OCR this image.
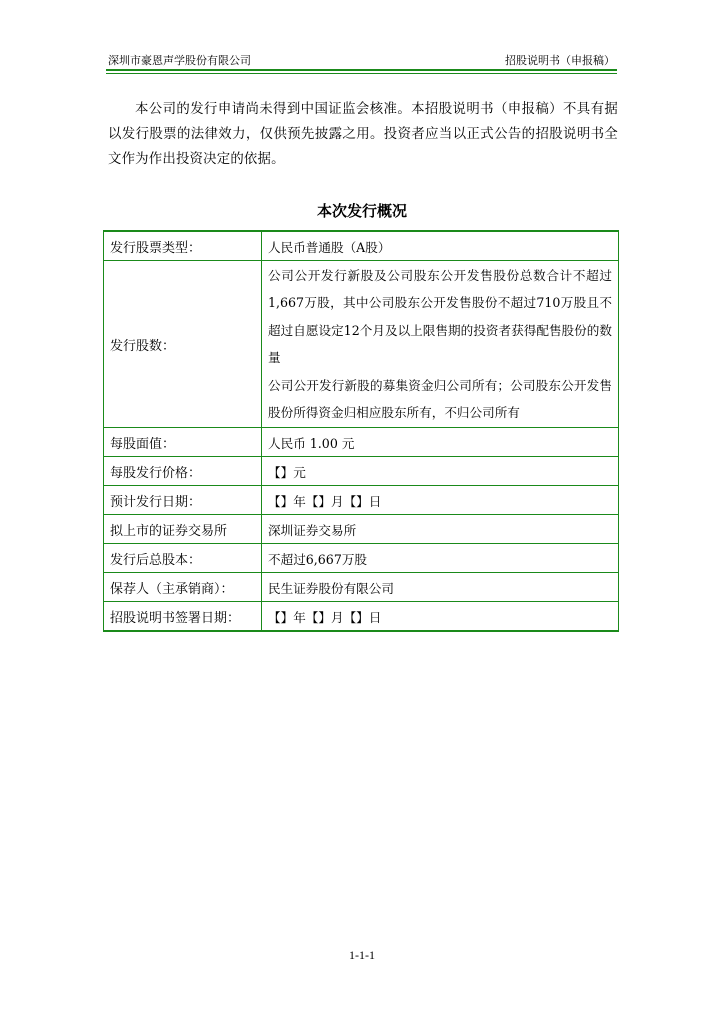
深圳市豪恩声学股份有限公司	招股说明书（申报稿）
本公司的发行申请尚未得到中国证监会核准。本招股说明书（申报稿）不具有据以发行股票的法律效力，仅供预先披露之用。投资者应当以正式公告的招股说明书全文作为作出投资决定的依据。
本次发行概况
发行股票类型：	人民币普通股（A股）
发行股数：	公司公开发行新股及公司股东公开发售股份总数合计不超过1,667万股，其中公司股东公开发售股份不超过710万股且不超过自愿设定12个月及以上限售期的投资者获得配售股份的数量
公司公开发行新股的募集资金归公司所有；公司股东公开发售股份所得资金归相应股东所有，不归公司所有

每股面值：	人民币 1.00 元
每股发行价格：	【】元
预计发行日期：	【】年【】月【】日
拟上市的证券交易所	深圳证券交易所
发行后总股本：	不超过6,667万股
保荐人（主承销商）：	民生证券股份有限公司
招股说明书签署日期：	【】年【】月【】日
1-1-1
